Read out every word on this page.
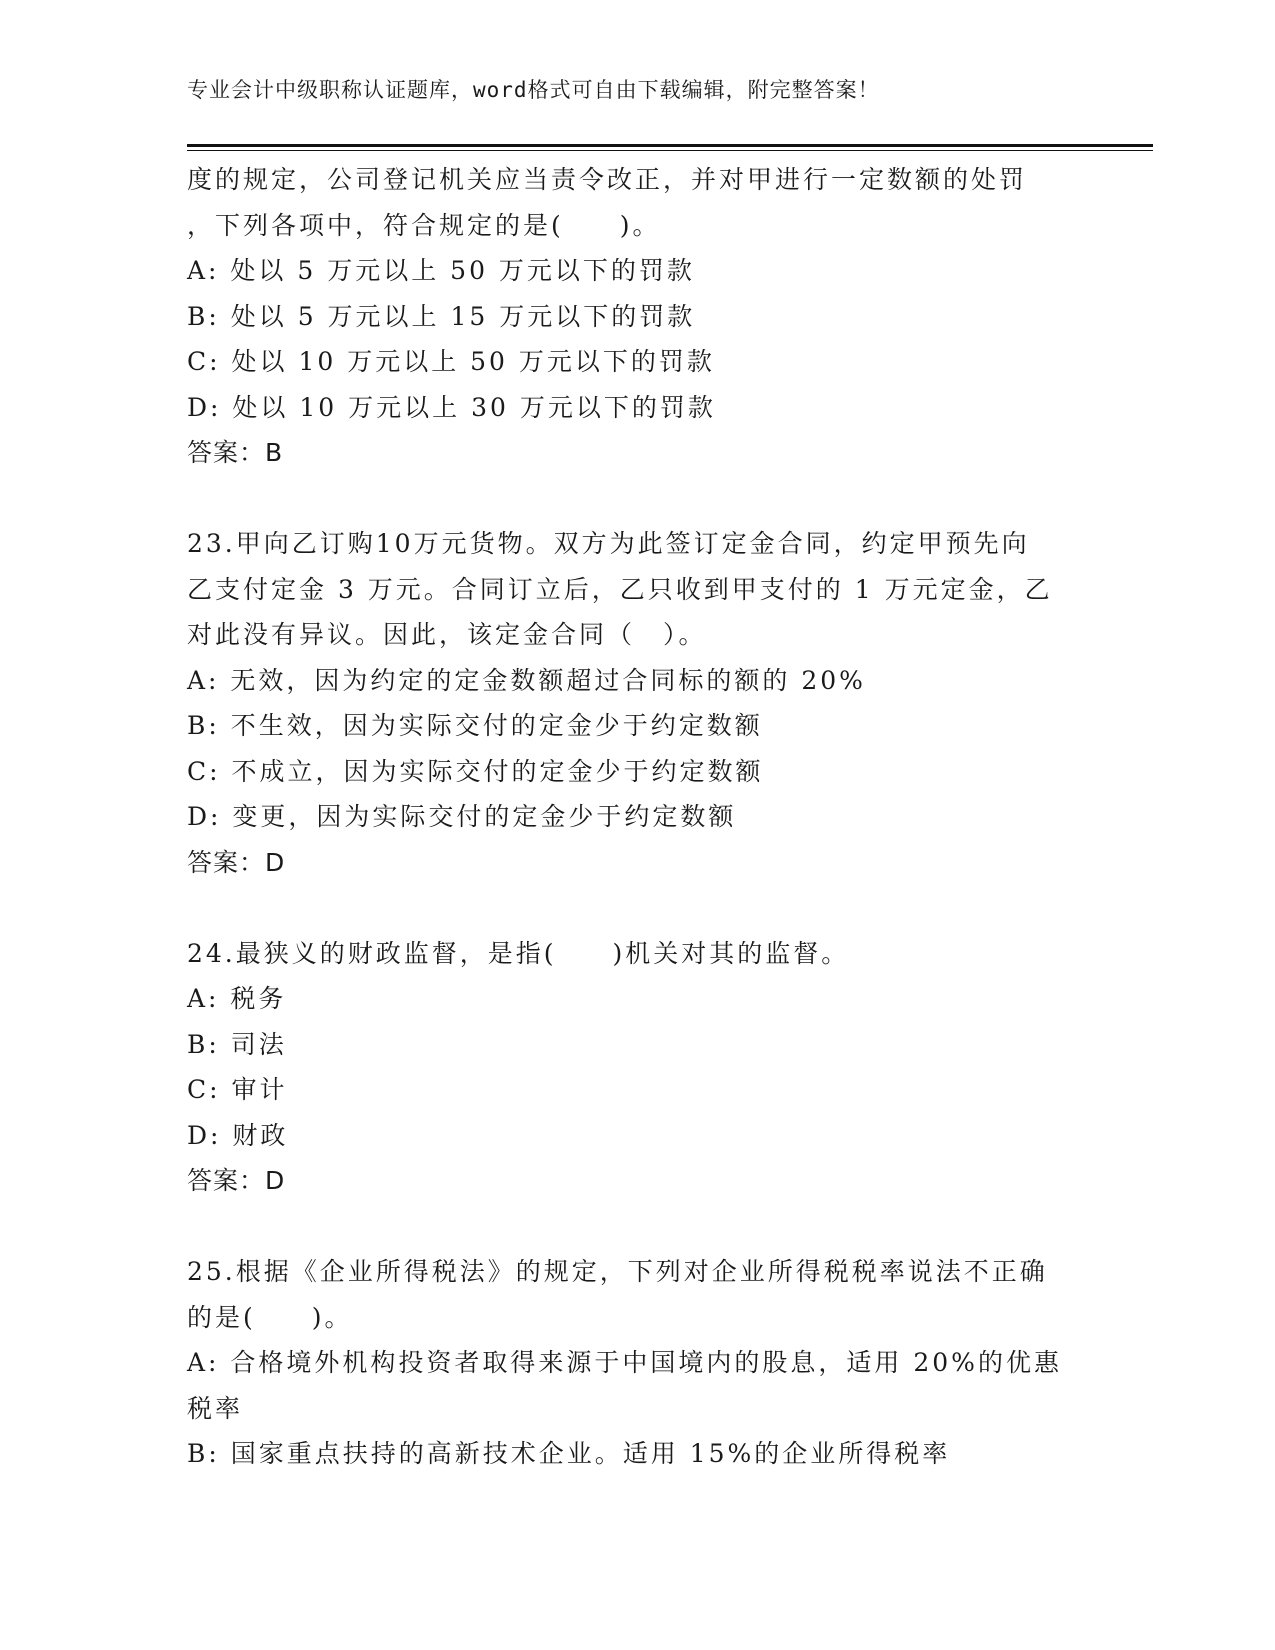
专业会计中级职称认证题库，word格式可自由下载编辑，附完整答案！
度的规定，公司登记机关应当责令改正，并对甲进行一定数额的处罚
，下列各项中，符合规定的是(　　)。
A: 处以 5 万元以上 50 万元以下的罚款
B: 处以 5 万元以上 15 万元以下的罚款
C: 处以 10 万元以上 50 万元以下的罚款
D: 处以 10 万元以上 30 万元以下的罚款
答案：B
23.甲向乙订购10万元货物。双方为此签订定金合同，约定甲预先向
乙支付定金 3 万元。合同订立后，乙只收到甲支付的 1 万元定金，乙
对此没有异议。因此，该定金合同（　）。
A: 无效，因为约定的定金数额超过合同标的额的 20%
B: 不生效，因为实际交付的定金少于约定数额
C: 不成立，因为实际交付的定金少于约定数额
D: 变更，因为实际交付的定金少于约定数额
答案：D
24.最狭义的财政监督，是指(　　)机关对其的监督。
A: 税务
B: 司法
C: 审计
D: 财政
答案：D
25.根据《企业所得税法》的规定，下列对企业所得税税率说法不正确
的是(　　)。
A: 合格境外机构投资者取得来源于中国境内的股息，适用 20%的优惠
税率
B: 国家重点扶持的高新技术企业。适用 15%的企业所得税率
